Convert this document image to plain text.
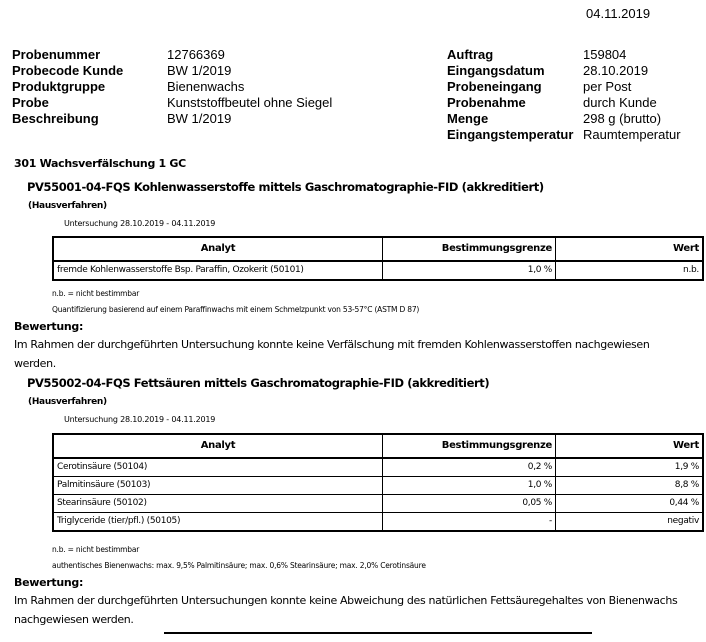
04.11.2019
Probenummer	12766369
Probecode Kunde	BW 1/2019
Produktgruppe	Bienenwachs
Probe	Kunststoffbeutel ohne Siegel
Beschreibung	BW 1/2019
Auftrag	159804
Eingangsdatum	28.10.2019
Probeneingang	per Post
Probenahme	durch Kunde
Menge	298 g (brutto)
Eingangstemperatur Raumtemperatur
301 Wachsverfälschung 1 GC
PV55001-04-FQS Kohlenwasserstoffe mittels Gaschromatographie-FID (akkreditiert)
(Hausverfahren)
Untersuchung 28.10.2019 - 04.11.2019
Analyt	Bestimmungsgrenze	Wert
fremde Kohlenwasserstoffe Bsp. Paraffin, Ozokerit (50101)	1,0 %	n.b.
n.b. = nicht bestimmbar
Quantifizierung basierend auf einem Paraffinwachs mit einem Schmelzpunkt von 53-57°C (ASTM D 87)
Bewertung:
Im Rahmen der durchgeführten Untersuchung konnte keine Verfälschung mit fremden Kohlenwasserstoffen nachgewiesen werden.
PV55002-04-FQS Fettsäuren mittels Gaschromatographie-FID (akkreditiert)
(Hausverfahren)
Untersuchung 28.10.2019 - 04.11.2019
Analyt	Bestimmungsgrenze	Wert
Cerotinsäure (50104)	0,2 %	1,9 %
Palmitinsäure (50103)	1,0 %	8,8 %
Stearinsäure (50102)	0,05 %	0,44 %
Triglyceride (tier/pfl.) (50105)	-	negativ
n.b. = nicht bestimmbar
authentisches Bienenwachs: max. 9,5% Palmitinsäure; max. 0,6% Stearinsäure; max. 2,0% Cerotinsäure
Bewertung:
Im Rahmen der durchgeführten Untersuchungen konnte keine Abweichung des natürlichen Fettsäuregehaltes von Bienenwachs nachgewiesen werden.
